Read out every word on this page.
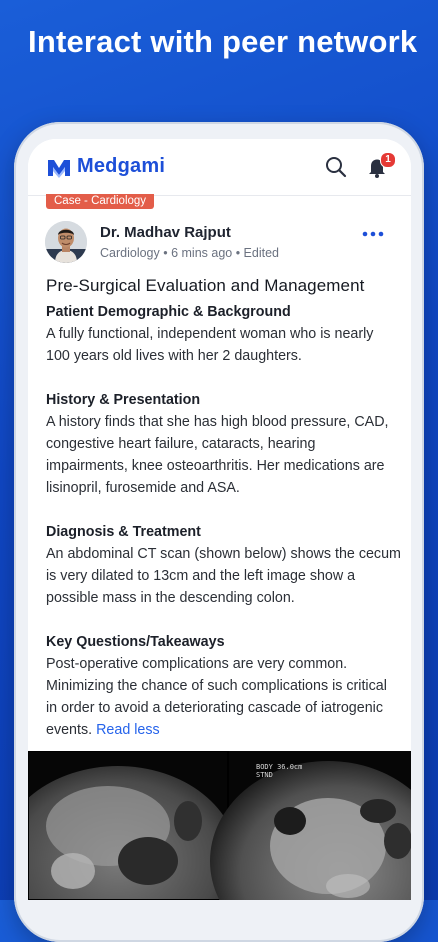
Interact with peer network
Medgami	1
Case - Cardiology
Dr. Madhav Rajput
Cardiology • 6 mins ago • Edited
Pre-Surgical Evaluation and Management
Patient Demographic & Background
A fully functional, independent woman who is nearly 100 years old lives with her 2 daughters.
History & Presentation
A history finds that she has high blood pressure, CAD, congestive heart failure, cataracts, hearing impairments, knee osteoarthritis. Her medications are lisinopril, furosemide and ASA.
Diagnosis & Treatment
An abdominal CT scan (shown below) shows the cecum is very dilated to 13cm and the left image show a possible mass in the descending colon.
Key Questions/Takeaways
Post-operative complications are very common. Minimizing the chance of such complications is critical in order to avoid a deteriorating cascade of iatrogenic events. Read less
BODY 36.0cm
STND
